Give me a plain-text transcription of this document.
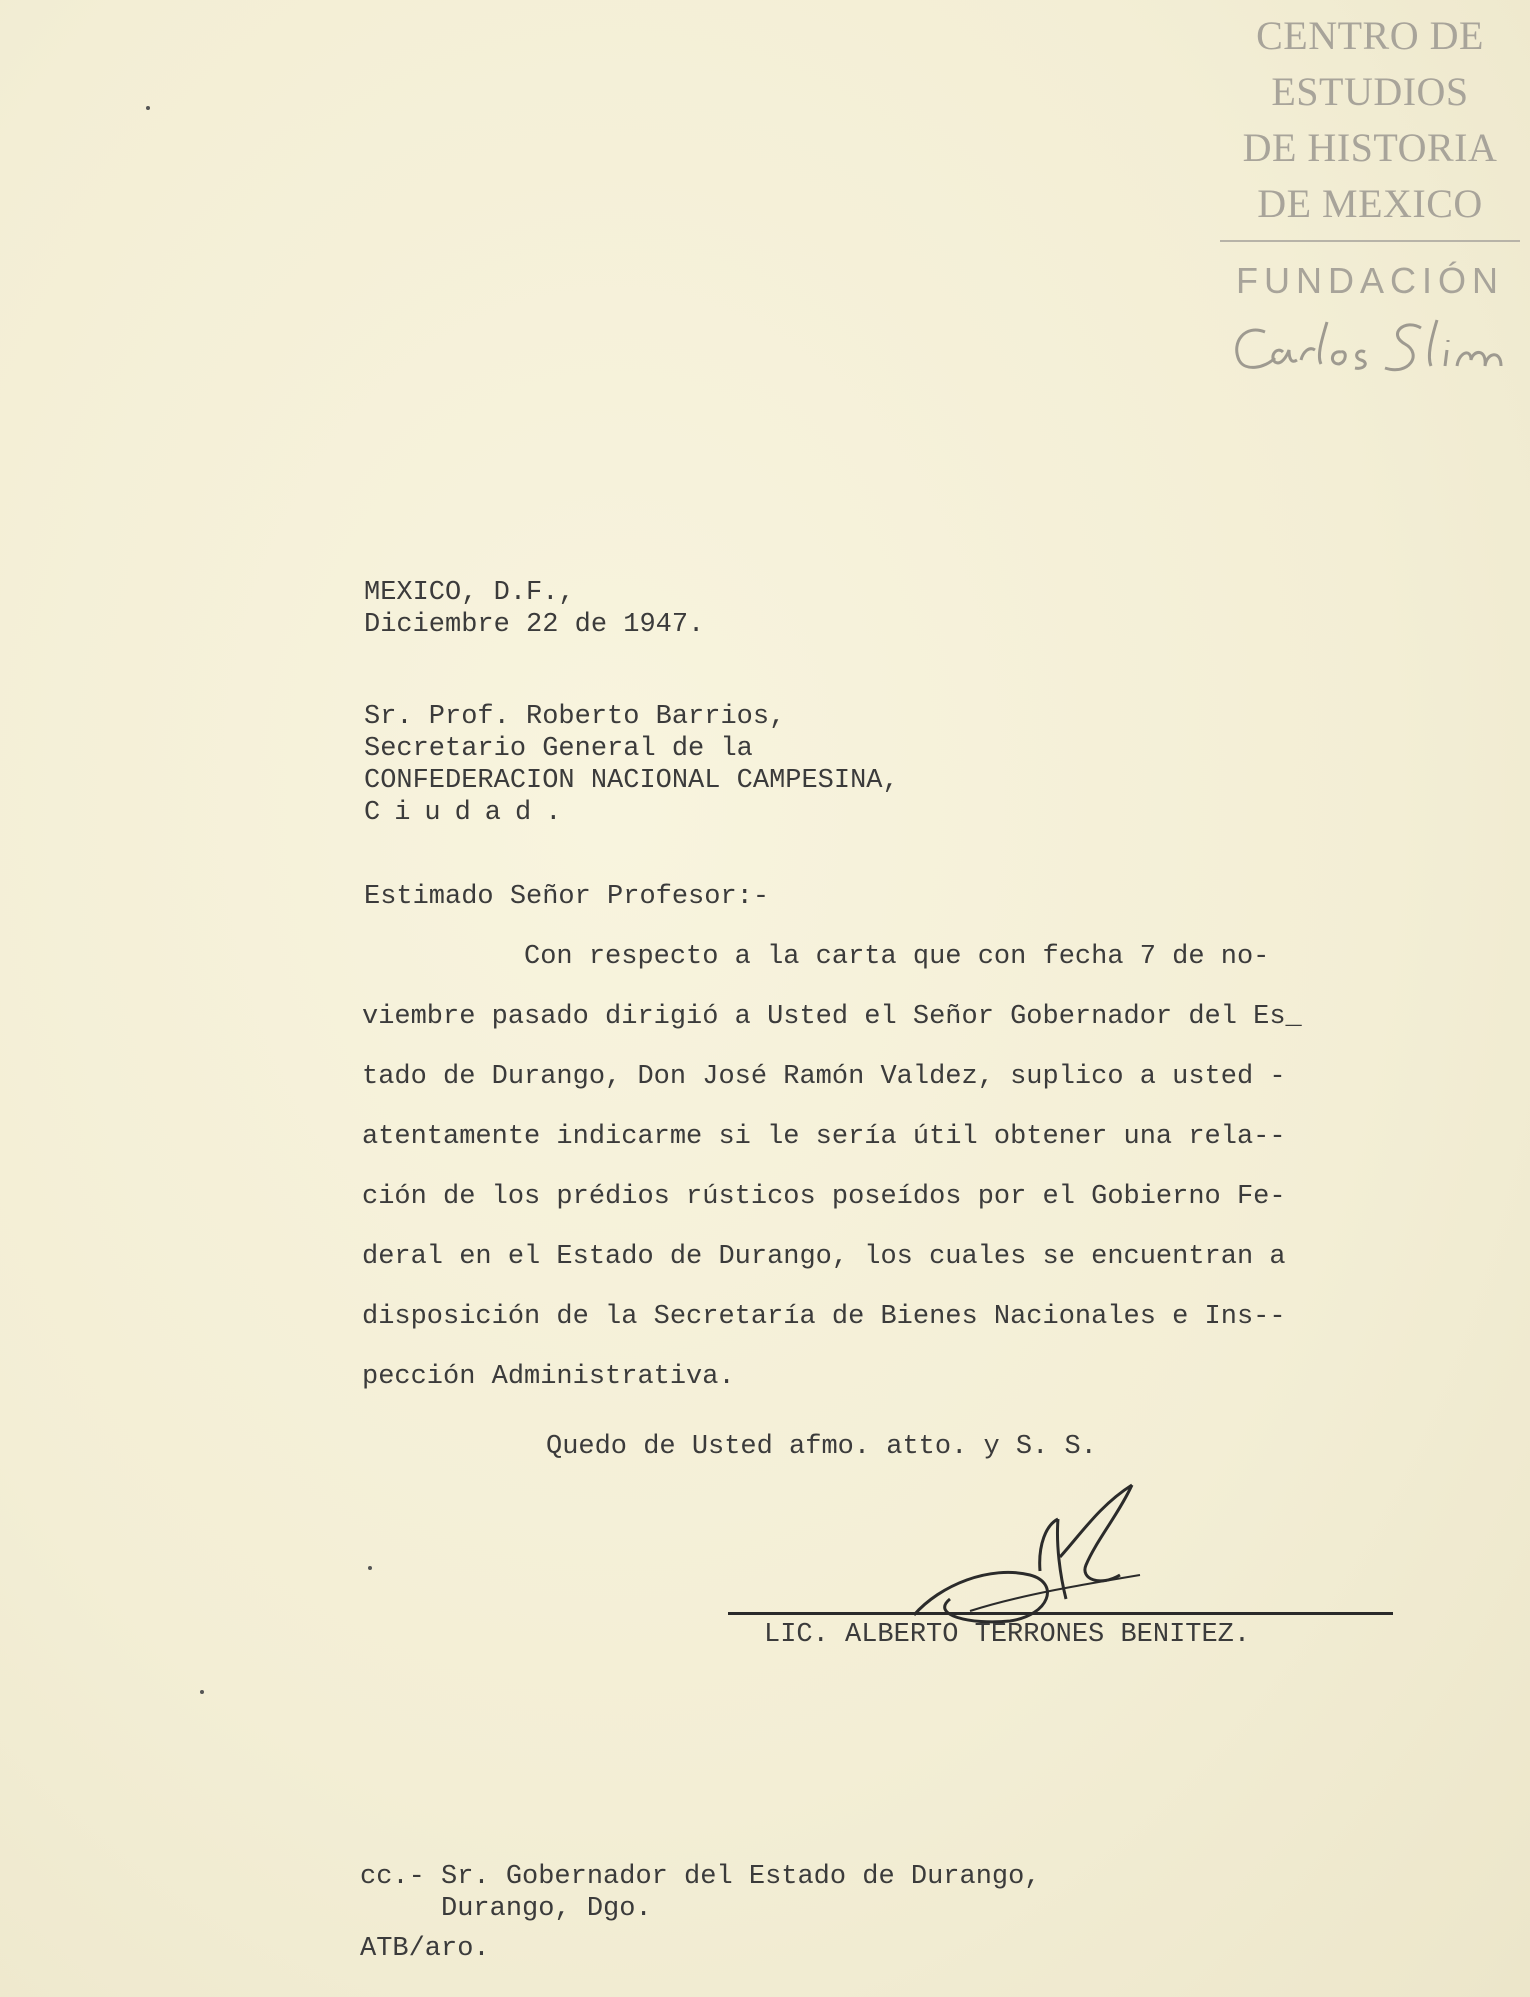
CENTRO DE
ESTUDIOS
DE HISTORIA
DE MEXICO
FUNDACIÓN
MEXICO, D.F.,
Diciembre 22 de 1947.
Sr. Prof. Roberto Barrios,
Secretario General de la
CONFEDERACION NACIONAL CAMPESINA,
Ciudad.
Estimado Señor Profesor:-
Con respecto a la carta que con fecha 7 de no-
viembre pasado dirigió a Usted el Señor Gobernador del Es_
tado de Durango, Don José Ramón Valdez, suplico a usted -
atentamente indicarme si le sería útil obtener una rela--
ción de los prédios rústicos poseídos por el Gobierno Fe-
deral en el Estado de Durango, los cuales se encuentran a
disposición de la Secretaría de Bienes Nacionales e Ins--
pección Administrativa.
Quedo de Usted afmo. atto. y S. S.
LIC. ALBERTO TERRONES BENITEZ.
cc.- Sr. Gobernador del Estado de Durango,
Durango, Dgo.
ATB/aro.
